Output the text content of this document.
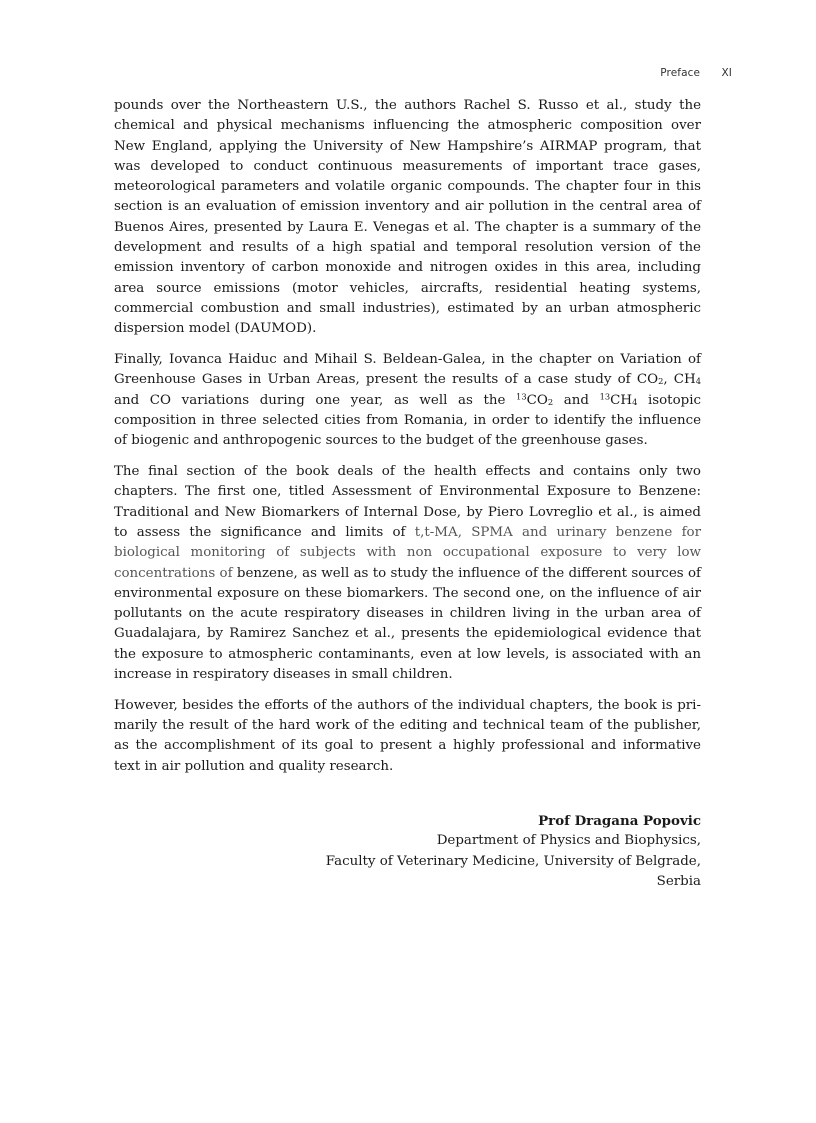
Preface XI

pounds over the Northeastern U.S., the authors Rachel S. Russo et al., study the chemical and physical mechanisms influencing the atmospheric composition over New England, applying the University of New Hampshire’s AIRMAP program, that was developed to conduct continuous measurements of important trace gases, meteorological parameters and volatile organic compounds. The chapter four in this section is an evaluation of emission inventory and air pollution in the central area of Buenos Aires, presented by Laura E. Venegas et al. The chapter is a summary of the development and results of a high spatial and temporal resolution version of the emission inventory of carbon monoxide and nitrogen oxides in this area, including area source emissions (motor vehicles, aircrafts, residential heating systems, commercial combustion and small industries), estimated by an urban atmospheric dispersion model (DAUMOD).

Finally, Iovanca Haiduc and Mihail S. Beldean-Galea, in the chapter on Variation of Greenhouse Gases in Urban Areas, present the results of a case study of $CO_2$, $CH_4$ and CO variations during one year, as well as the $^{13}CO_2$ and $^{13}CH_4$ isotopic composition in three selected cities from Romania, in order to identify the influence of biogenic and anthropogenic sources to the budget of the greenhouse gases.

The final section of the book deals of the health effects and contains only two chapters. The first one, titled Assessment of Environmental Exposure to Benzene: Traditional and New Biomarkers of Internal Dose, by Piero Lovreglio et al., is aimed to assess the significance and limits of t,t-MA, SPMA and urinary benzene for biological monitoring of subjects with non occupational exposure to very low concentrations of benzene, as well as to study the influence of the different sources of environmental exposure on these biomarkers. The second one, on the influence of air pollutants on the acute respiratory diseases in children living in the urban area of Guadalajara, by Ramirez Sanchez et al., presents the epidemiological evidence that the exposure to atmospheric contaminants, even at low levels, is associated with an increase in respiratory diseases in small children.

However, besides the efforts of the authors of the individual chapters, the book is primarily the result of the hard work of the editing and technical team of the publisher, as the accomplishment of its goal to present a highly professional and informative text in air pollution and quality research.

Prof Dragana Popovic
Department of Physics and Biophysics,
Faculty of Veterinary Medicine, University of Belgrade,
Serbia
